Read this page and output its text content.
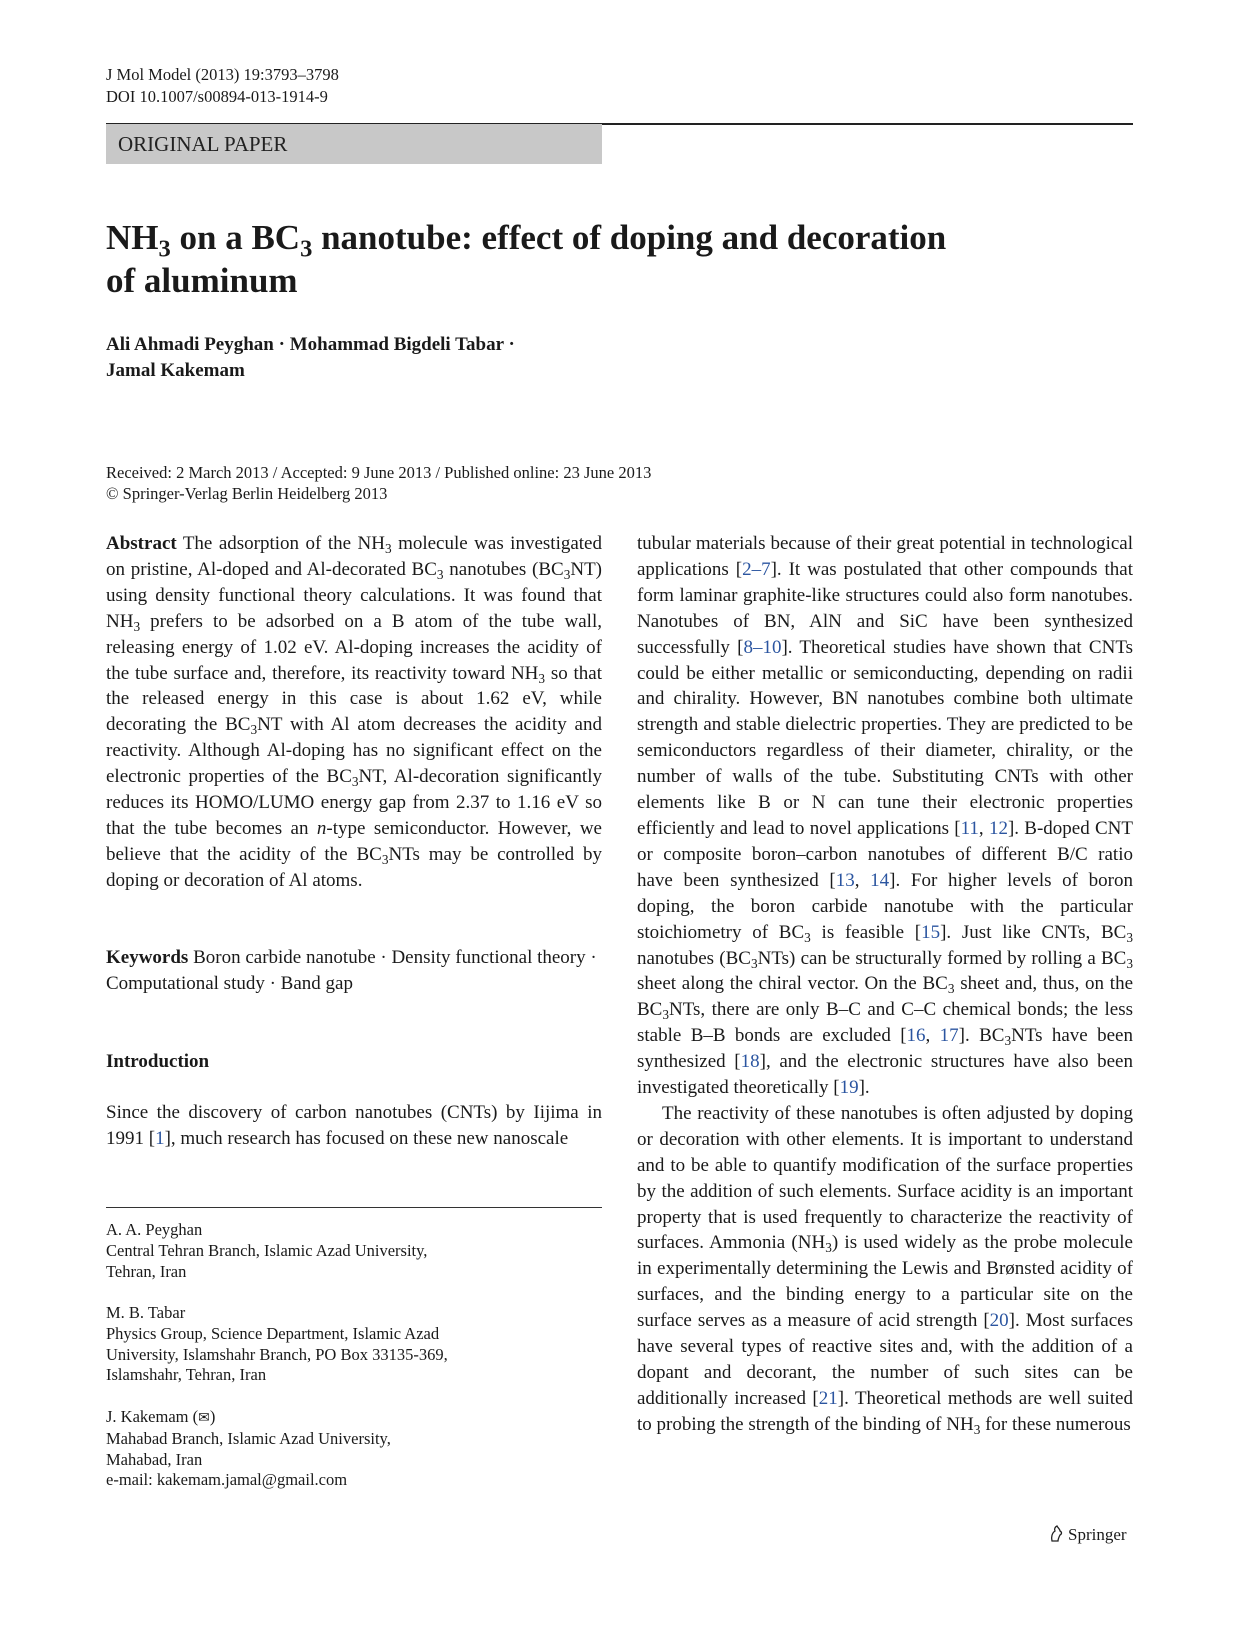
J Mol Model (2013) 19:3793–3798
DOI 10.1007/s00894-013-1914-9
ORIGINAL PAPER
$NH_3$ on a $BC_3$ nanotube: effect of doping and decoration
of aluminum
Ali Ahmadi Peyghan · Mohammad Bigdeli Tabar ·
Jamal Kakemam
Received: 2 March 2013 / Accepted: 9 June 2013 / Published online: 23 June 2013
© Springer-Verlag Berlin Heidelberg 2013
Abstract The adsorption of the $NH_3$ molecule was investigated on pristine, Al-doped and Al-decorated $BC_3$ nanotubes $(BC_3NT)$ using density functional theory calculations. It was found that $NH_3$ prefers to be adsorbed on a B atom of the tube wall, releasing energy of 1.02 eV. Al-doping increases the acidity of the tube surface and, therefore, its reactivity toward $NH_3$ so that the released energy in this case is about 1.62 eV, while decorating the $BC_3NT$ with Al atom decreases the acidity and reactivity. Although Al-doping has no significant effect on the electronic properties of the $BC_3NT$, Al-decoration significantly reduces its HOMO/LUMO energy gap from 2.37 to 1.16 eV so that the tube becomes an n-type semiconductor. However, we believe that the acidity of the $BC_3NTs$ may be controlled by doping or decoration of Al atoms.
Keywords Boron carbide nanotube · Density functional theory · Computational study · Band gap
Introduction
Since the discovery of carbon nanotubes (CNTs) by Iijima in 1991 [1], much research has focused on these new nanoscale
A. A. Peyghan
Central Tehran Branch, Islamic Azad University,
Tehran, Iran
M. B. Tabar
Physics Group, Science Department, Islamic Azad
University, Islamshahr Branch, PO Box 33135-369,
Islamshahr, Tehran, Iran
J. Kakemam (✉)
Mahabad Branch, Islamic Azad University,
Mahabad, Iran
e-mail: kakemam.jamal@gmail.com

tubular materials because of their great potential in technological applications [2–7]. It was postulated that other compounds that form laminar graphite-like structures could also form nanotubes. Nanotubes of BN, AlN and SiC have been synthesized successfully [8–10]. Theoretical studies have shown that CNTs could be either metallic or semiconducting, depending on radii and chirality. However, BN nanotubes combine both ultimate strength and stable dielectric properties. They are predicted to be semiconductors regardless of their diameter, chirality, or the number of walls of the tube. Substituting CNTs with other elements like B or N can tune their electronic properties efficiently and lead to novel applications [11, 12]. B-doped CNT or composite boron–carbon nanotubes of different B/C ratio have been synthesized [13, 14]. For higher levels of boron doping, the boron carbide nanotube with the particular stoichiometry of $BC_3$ is feasible [15]. Just like CNTs, $BC_3$ nanotubes $(BC_3NTs)$ can be structurally formed by rolling a $BC_3$ sheet along the chiral vector. On the $BC_3$ sheet and, thus, on the $BC_3NTs$, there are only B–C and C–C chemical bonds; the less stable B–B bonds are excluded [16, 17]. $BC_3NTs$ have been synthesized [18], and the electronic structures have also been investigated theoretically [19].

The reactivity of these nanotubes is often adjusted by doping or decoration with other elements. It is important to understand and to be able to quantify modification of the surface properties by the addition of such elements. Surface acidity is an important property that is used frequently to characterize the reactivity of surfaces. Ammonia $(NH_3)$ is used widely as the probe molecule in experimentally determining the Lewis and Brønsted acidity of surfaces, and the binding energy to a particular site on the surface serves as a measure of acid strength [20]. Most surfaces have several types of reactive sites and, with the addition of a dopant and decorant, the number of such sites can be additionally increased [21]. Theoretical methods are well suited to probing the strength of the binding of $NH_3$ for these numerous

Springer
